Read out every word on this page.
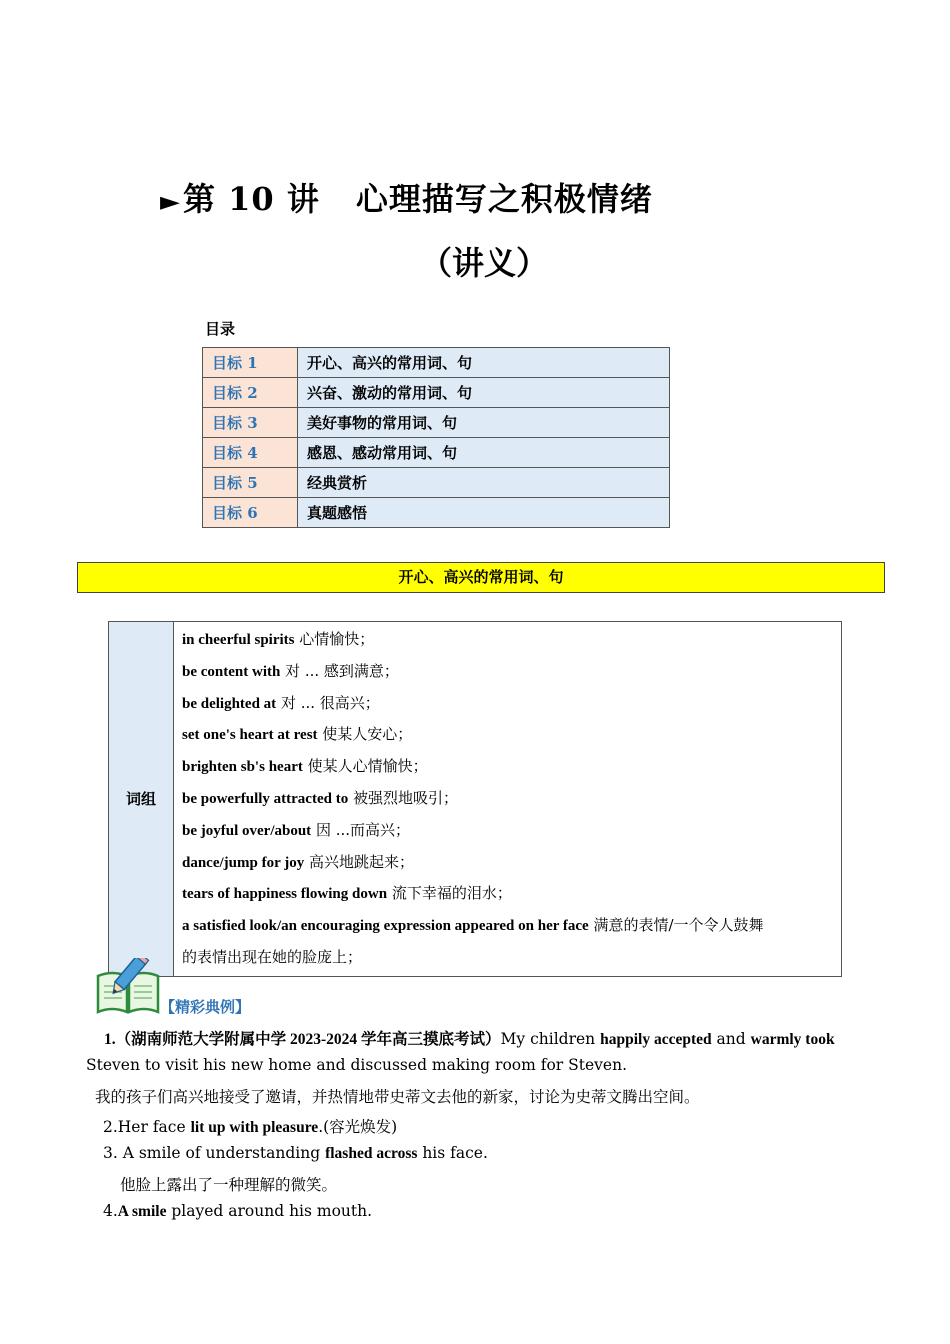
►第 10 讲 心理描写之积极情绪
（讲义）
目录
目标 1	开心、高兴的常用词、句
目标 2	兴奋、激动的常用词、句
目标 3	美好事物的常用词、句
目标 4	感恩、感动常用词、句
目标 5	经典赏析
目标 6	真题感悟
开心、高兴的常用词、句
词组	
in cheerful spirits 心情愉快；
be content with 对 ... 感到满意；
be delighted at 对 ... 很高兴；
set one's heart at rest 使某人安心；
brighten sb's heart 使某人心情愉快；
be powerfully attracted to 被强烈地吸引；
be joyful over/about 因 ...而高兴；
dance/jump for joy 高兴地跳起来；
tears of happiness flowing down 流下幸福的泪水；
a satisfied look/an encouraging expression appeared on her face 满意的表情/一个令人鼓舞
的表情出现在她的脸庞上；
【精彩典例】
1.（湖南师范大学附属中学 2023-2024 学年高三摸底考试）My children happily accepted and warmly took
Steven to visit his new home and discussed making room for Steven.
我的孩子们高兴地接受了邀请，并热情地带史蒂文去他的新家，讨论为史蒂文腾出空间。
2.Her face lit up with pleasure.(容光焕发)
3. A smile of understanding flashed across his face.
他脸上露出了一种理解的微笑。
4.A smile played around his mouth.
